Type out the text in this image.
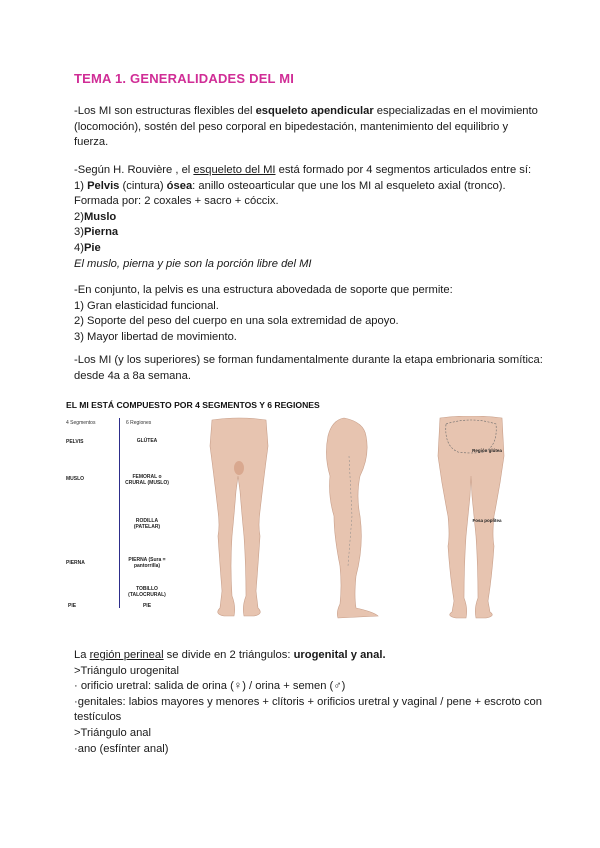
TEMA 1. GENERALIDADES DEL MI
-Los MI son estructuras flexibles del esqueleto apendicular especializadas en el movimiento (locomoción), sostén del peso corporal en bipedestación, mantenimiento del equilibrio y fuerza.
-Según H. Rouvière , el esqueleto del MI está formado por 4 segmentos articulados entre sí:
1) Pelvis (cintura) ósea: anillo osteoarticular que une los MI al esqueleto axial (tronco).
Formada por: 2 coxales + sacro + cóccix.
2)Muslo
3)Pierna
4)Pie
El muslo, pierna y pie son la porción libre del MI
-En conjunto, la pelvis es una estructura abovedada de soporte que permite:
1) Gran elasticidad funcional.
2) Soporte del peso del cuerpo en una sola extremidad de apoyo.
3) Mayor libertad de movimiento.
-Los MI (y los superiores) se forman fundamentalmente durante la etapa embrionaria somítica: desde 4a a 8a semana.
EL MI ESTÁ COMPUESTO POR 4 SEGMENTOS Y 6 REGIONES
4 Segmentos	6 Regiones
PELVIS
MUSLO
PIERNA
PIE
GLÚTEA
FEMORAL o CRURAL (MUSLO)
RODILLA (PATELAR)
PIERNA (Sura = pantorrilla)
TOBILLO (TALOCRURAL)
PIE
Región glútea
Fosa poplítea
La región perineal se divide en 2 triángulos: urogenital y anal.
>Triángulo urogenital
· orificio uretral: salida de orina (♀) / orina + semen (♂)
·genitales: labios mayores y menores + clítoris + orificios uretral y vaginal / pene + escroto con testículos
>Triángulo anal
·ano (esfínter anal)
